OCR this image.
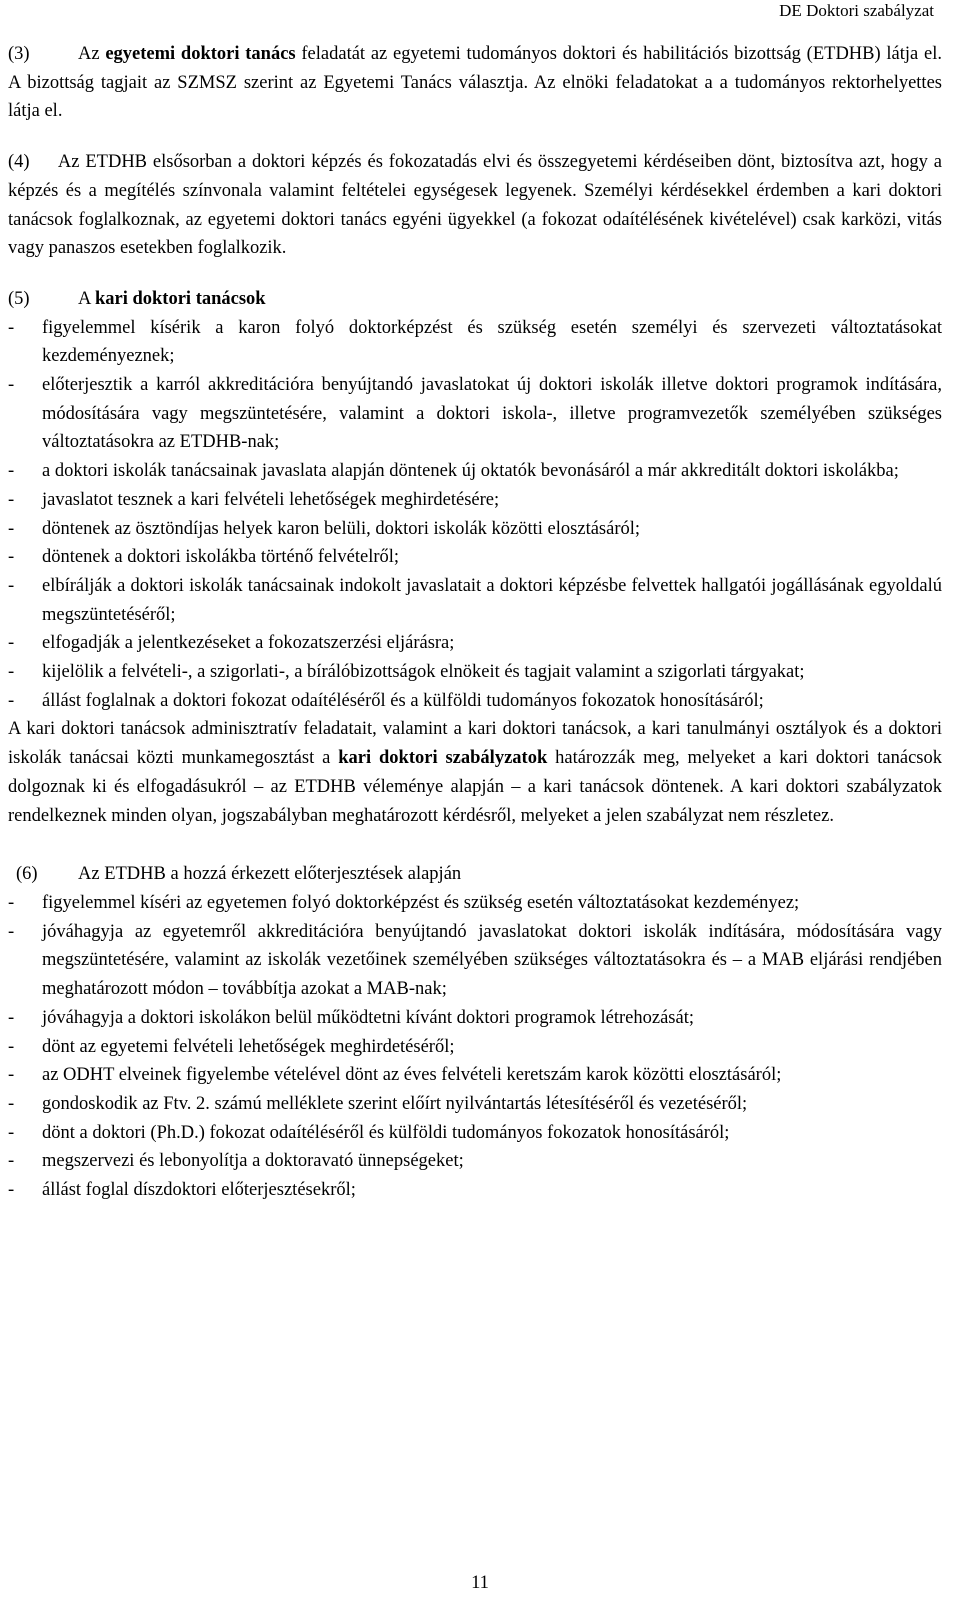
DE Doktori szabályzat
(3)	Az egyetemi doktori tanács feladatát az egyetemi tudományos doktori és habilitációs bizottság (ETDHB) látja el. A bizottság tagjait az SZMSZ szerint az Egyetemi Tanács választja. Az elnöki feladatokat a a tudományos rektorhelyettes látja el.
(4)     Az ETDHB elsősorban a doktori képzés és fokozatadás elvi és összegyetemi kérdéseiben dönt, biztosítva azt, hogy a képzés és a megítélés színvonala valamint feltételei egységesek legyenek. Személyi kérdésekkel érdemben a kari doktori tanácsok foglalkoznak, az egyetemi doktori tanács egyéni ügyekkel (a fokozat odaítélésének kivételével) csak karközi, vitás vagy panaszos esetekben foglalkozik.
(5)	A kari doktori tanácsok
-	figyelemmel kísérik a karon folyó doktorképzést és szükség esetén személyi és szervezeti változtatásokat kezdeményeznek;
-	előterjesztik a karról akkreditációra benyújtandó javaslatokat új doktori iskolák illetve doktori programok indítására, módosítására vagy megszüntetésére, valamint a doktori iskola-, illetve programvezetők személyében szükséges változtatásokra az ETDHB-nak;
-	a doktori iskolák tanácsainak javaslata alapján döntenek új oktatók bevonásáról a már akkreditált doktori iskolákba;
-	javaslatot tesznek a kari felvételi lehetőségek meghirdetésére;
-	döntenek az ösztöndíjas helyek karon belüli, doktori iskolák közötti elosztásáról;
-	döntenek a doktori iskolákba történő felvételről;
-	elbírálják a doktori iskolák tanácsainak indokolt javaslatait a doktori képzésbe felvettek hallgatói jogállásának egyoldalú megszüntetéséről;
-	elfogadják a jelentkezéseket a fokozatszerzési eljárásra;
-	kijelölik a felvételi-, a szigorlati-, a bírálóbizottságok elnökeit és tagjait valamint a szigorlati tárgyakat;
-	állást foglalnak a doktori fokozat odaítéléséről és a külföldi tudományos fokozatok honosításáról;
A kari doktori tanácsok adminisztratív feladatait, valamint a kari doktori tanácsok, a kari tanulmányi osztályok és a doktori iskolák tanácsai közti munkamegosztást a kari doktori szabályzatok határozzák meg, melyeket a kari doktori tanácsok dolgoznak ki és elfogadásukról – az ETDHB véleménye alapján – a kari tanácsok döntenek. A kari doktori szabályzatok rendelkeznek minden olyan, jogszabályban meghatározott kérdésről, melyeket a jelen szabályzat nem részletez.
(6)	Az ETDHB a hozzá érkezett előterjesztések alapján
-	figyelemmel kíséri az egyetemen folyó doktorképzést és szükség esetén változtatásokat kezdeményez;
-	jóváhagyja az egyetemről akkreditációra benyújtandó javaslatokat doktori iskolák indítására, módosítására vagy megszüntetésére, valamint az iskolák vezetőinek személyében szükséges változtatásokra és – a MAB eljárási rendjében meghatározott módon – továbbítja azokat a MAB-nak;
-	jóváhagyja a doktori iskolákon belül működtetni kívánt doktori programok létrehozását;
-	dönt az egyetemi felvételi lehetőségek meghirdetéséről;
-	az ODHT elveinek figyelembe vételével dönt az éves felvételi keretszám karok közötti elosztásáról;
-	gondoskodik az Ftv. 2. számú melléklete szerint előírt nyilvántartás létesítéséről és vezetéséről;
-	dönt a doktori (Ph.D.) fokozat odaítéléséről és külföldi tudományos fokozatok honosításáról;
-	megszervezi és lebonyolítja a doktoravató ünnepségeket;
-	állást foglal díszdoktori előterjesztésekről;
11
